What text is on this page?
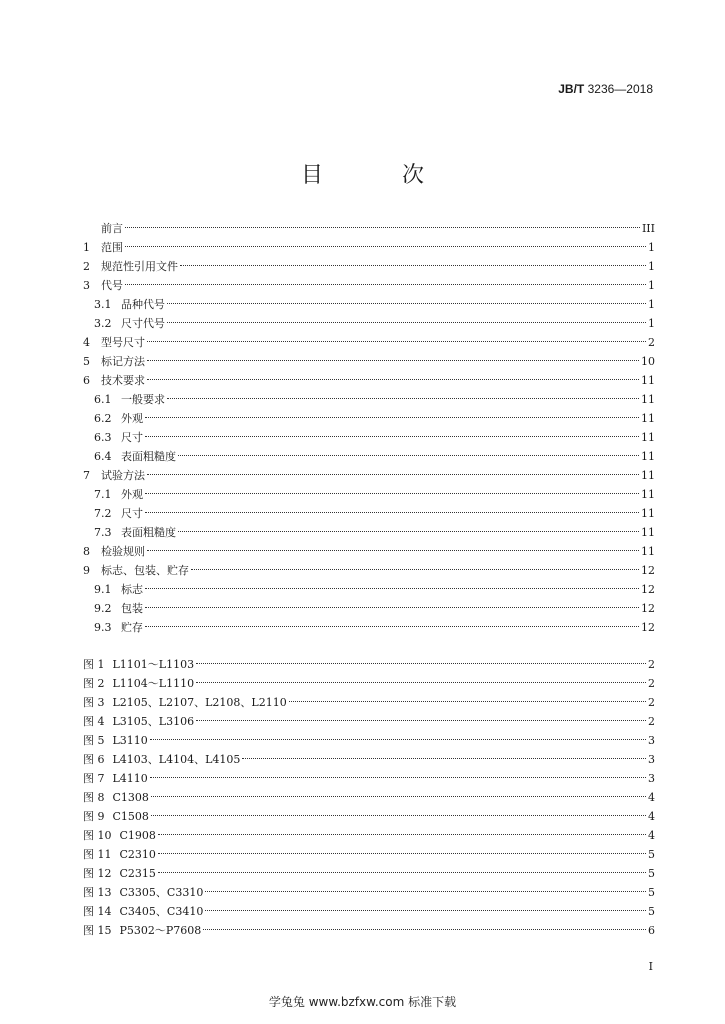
JB/T 3236—2018
目 次
前言	III
1	范围	1
2	规范性引用文件	1
3	代号	1
3.1 品种代号	1
3.2 尺寸代号	1
4	型号尺寸	2
5	标记方法	10
6	技术要求	11
6.1 一般要求	11
6.2 外观	11
6.3 尺寸	11
6.4 表面粗糙度	11
7	试验方法	11
7.1 外观	11
7.2 尺寸	11
7.3 表面粗糙度	11
8	检验规则	11
9	标志、包装、贮存	12
9.1 标志	12
9.2 包装	12
9.3 贮存	12
图 1 L1101～L1103	2
图 2 L1104～L1110	2
图 3 L2105、L2107、L2108、L2110	2
图 4 L3105、L3106	2
图 5 L3110	3
图 6 L4103、L4104、L4105	3
图 7 L4110	3
图 8 C1308	4
图 9 C1508	4
图 10 C1908	4
图 11 C2310	5
图 12 C2315	5
图 13 C3305、C3310	5
图 14 C3405、C3410	5
图 15 P5302～P7608	6
I
学兔兔 www.bzfxw.com 标准下载
